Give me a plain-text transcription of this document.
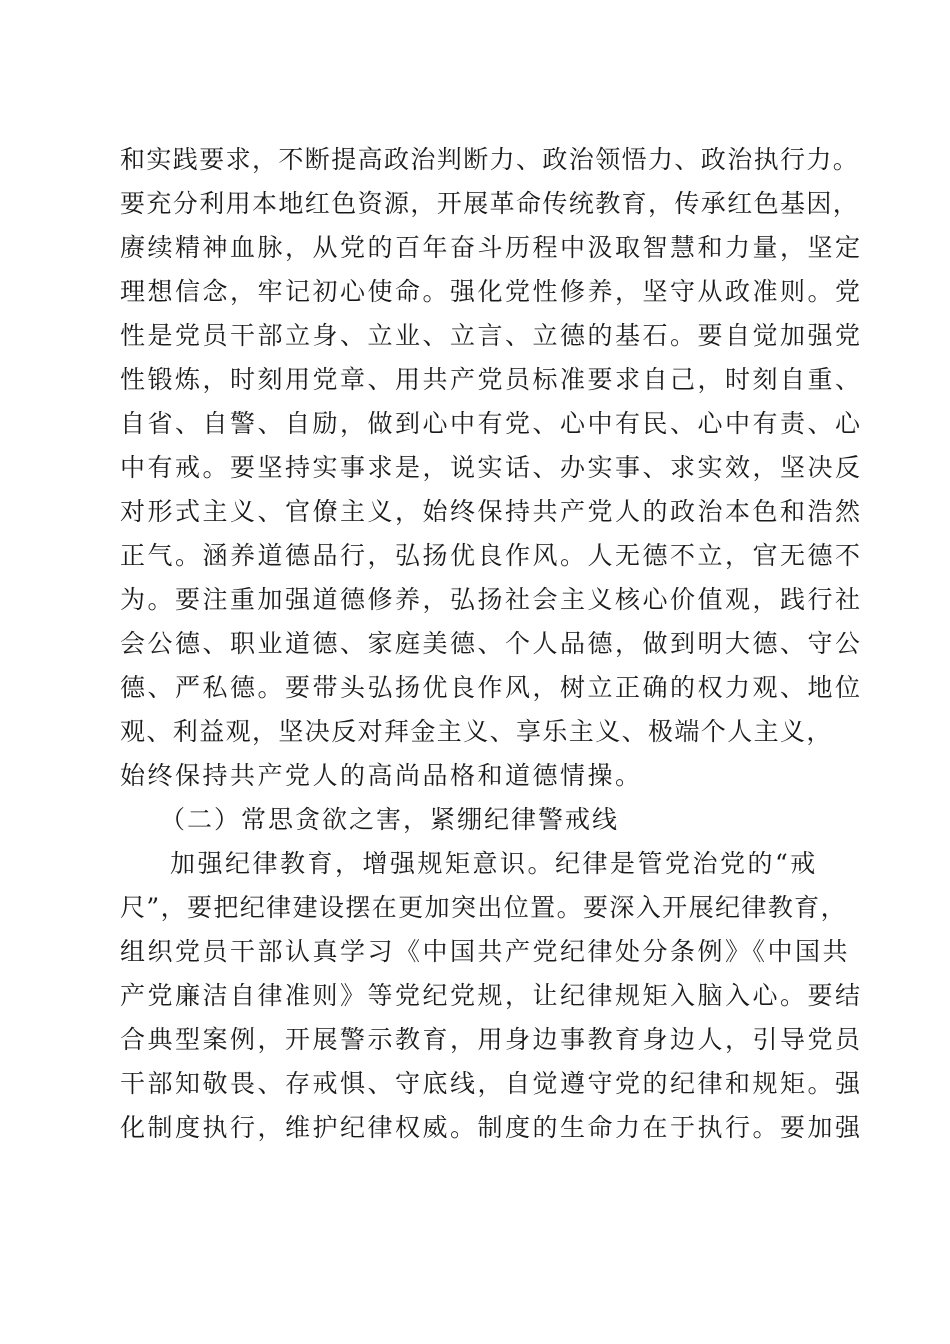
和实践要求，不断提高政治判断力、政治领悟力、政治执行力。
要充分利用本地红色资源，开展革命传统教育，传承红色基因，
赓续精神血脉，从党的百年奋斗历程中汲取智慧和力量，坚定
理想信念，牢记初心使命。强化党性修养，坚守从政准则。党
性是党员干部立身、立业、立言、立德的基石。要自觉加强党
性锻炼，时刻用党章、用共产党员标准要求自己，时刻自重、
自省、自警、自励，做到心中有党、心中有民、心中有责、心
中有戒。要坚持实事求是，说实话、办实事、求实效，坚决反
对形式主义、官僚主义，始终保持共产党人的政治本色和浩然
正气。涵养道德品行，弘扬优良作风。人无德不立，官无德不
为。要注重加强道德修养，弘扬社会主义核心价值观，践行社
会公德、职业道德、家庭美德、个人品德，做到明大德、守公
德、严私德。要带头弘扬优良作风，树立正确的权力观、地位
观、利益观，坚决反对拜金主义、享乐主义、极端个人主义，
始终保持共产党人的高尚品格和道德情操。
（二）常思贪欲之害，紧绷纪律警戒线
加强纪律教育，增强规矩意识。纪律是管党治党的“戒
尺”，要把纪律建设摆在更加突出位置。要深入开展纪律教育，
组织党员干部认真学习《中国共产党纪律处分条例》《中国共
产党廉洁自律准则》等党纪党规，让纪律规矩入脑入心。要结
合典型案例，开展警示教育，用身边事教育身边人，引导党员
干部知敬畏、存戒惧、守底线，自觉遵守党的纪律和规矩。强
化制度执行，维护纪律权威。制度的生命力在于执行。要加强
